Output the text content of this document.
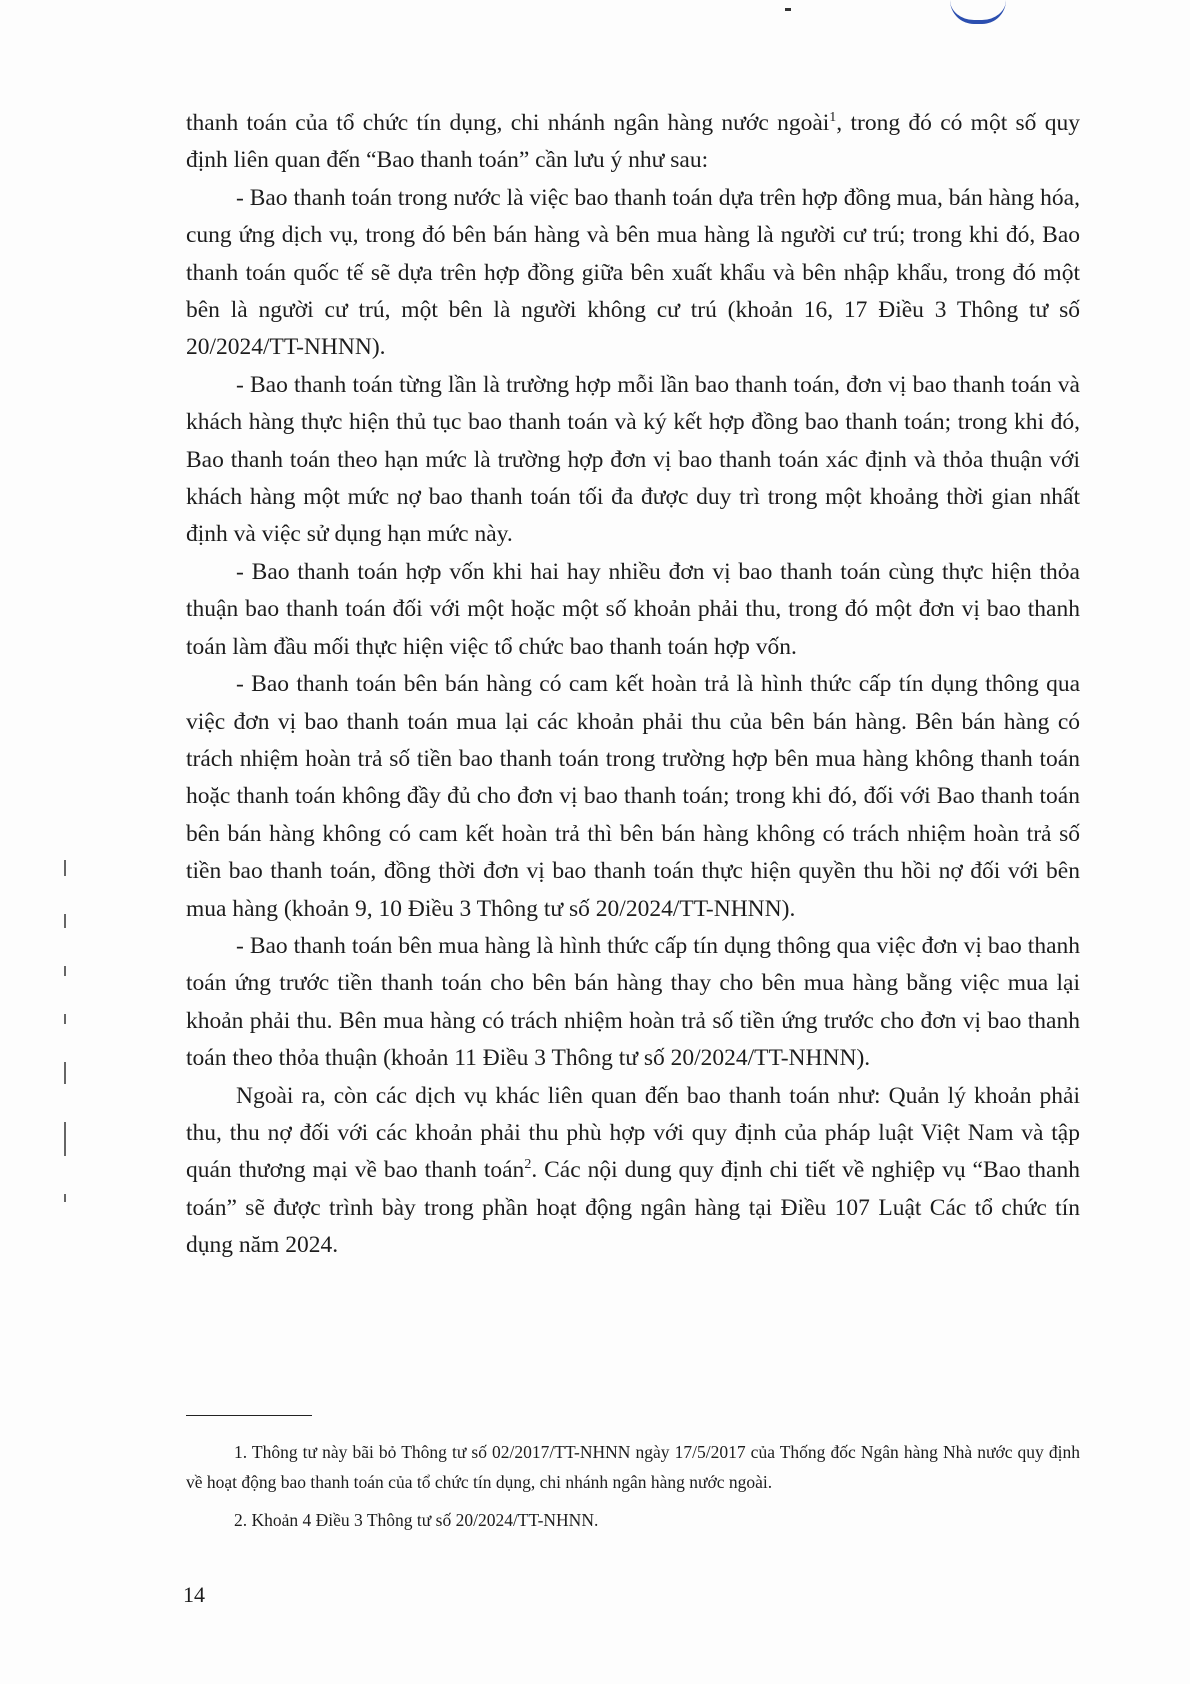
thanh toán của tổ chức tín dụng, chi nhánh ngân hàng nước ngoài$^1$, trong đó có một số quy định liên quan đến “Bao thanh toán” cần lưu ý như sau:

- Bao thanh toán trong nước là việc bao thanh toán dựa trên hợp đồng mua, bán hàng hóa, cung ứng dịch vụ, trong đó bên bán hàng và bên mua hàng là người cư trú; trong khi đó, Bao thanh toán quốc tế sẽ dựa trên hợp đồng giữa bên xuất khẩu và bên nhập khẩu, trong đó một bên là người cư trú, một bên là người không cư trú (khoản 16, 17 Điều 3 Thông tư số 20/2024/TT-NHNN).

- Bao thanh toán từng lần là trường hợp mỗi lần bao thanh toán, đơn vị bao thanh toán và khách hàng thực hiện thủ tục bao thanh toán và ký kết hợp đồng bao thanh toán; trong khi đó, Bao thanh toán theo hạn mức là trường hợp đơn vị bao thanh toán xác định và thỏa thuận với khách hàng một mức nợ bao thanh toán tối đa được duy trì trong một khoảng thời gian nhất định và việc sử dụng hạn mức này.

- Bao thanh toán hợp vốn khi hai hay nhiều đơn vị bao thanh toán cùng thực hiện thỏa thuận bao thanh toán đối với một hoặc một số khoản phải thu, trong đó một đơn vị bao thanh toán làm đầu mối thực hiện việc tổ chức bao thanh toán hợp vốn.

- Bao thanh toán bên bán hàng có cam kết hoàn trả là hình thức cấp tín dụng thông qua việc đơn vị bao thanh toán mua lại các khoản phải thu của bên bán hàng. Bên bán hàng có trách nhiệm hoàn trả số tiền bao thanh toán trong trường hợp bên mua hàng không thanh toán hoặc thanh toán không đầy đủ cho đơn vị bao thanh toán; trong khi đó, đối với Bao thanh toán bên bán hàng không có cam kết hoàn trả thì bên bán hàng không có trách nhiệm hoàn trả số tiền bao thanh toán, đồng thời đơn vị bao thanh toán thực hiện quyền thu hồi nợ đối với bên mua hàng (khoản 9, 10 Điều 3 Thông tư số 20/2024/TT-NHNN).

- Bao thanh toán bên mua hàng là hình thức cấp tín dụng thông qua việc đơn vị bao thanh toán ứng trước tiền thanh toán cho bên bán hàng thay cho bên mua hàng bằng việc mua lại khoản phải thu. Bên mua hàng có trách nhiệm hoàn trả số tiền ứng trước cho đơn vị bao thanh toán theo thỏa thuận (khoản 11 Điều 3 Thông tư số 20/2024/TT-NHNN).

Ngoài ra, còn các dịch vụ khác liên quan đến bao thanh toán như: Quản lý khoản phải thu, thu nợ đối với các khoản phải thu phù hợp với quy định của pháp luật Việt Nam và tập quán thương mại về bao thanh toán$^2$. Các nội dung quy định chi tiết về nghiệp vụ “Bao thanh toán” sẽ được trình bày trong phần hoạt động ngân hàng tại Điều 107 Luật Các tổ chức tín dụng năm 2024.

1. Thông tư này bãi bỏ Thông tư số 02/2017/TT-NHNN ngày 17/5/2017 của Thống đốc Ngân hàng Nhà nước quy định về hoạt động bao thanh toán của tổ chức tín dụng, chi nhánh ngân hàng nước ngoài.

2. Khoản 4 Điều 3 Thông tư số 20/2024/TT-NHNN.

14
